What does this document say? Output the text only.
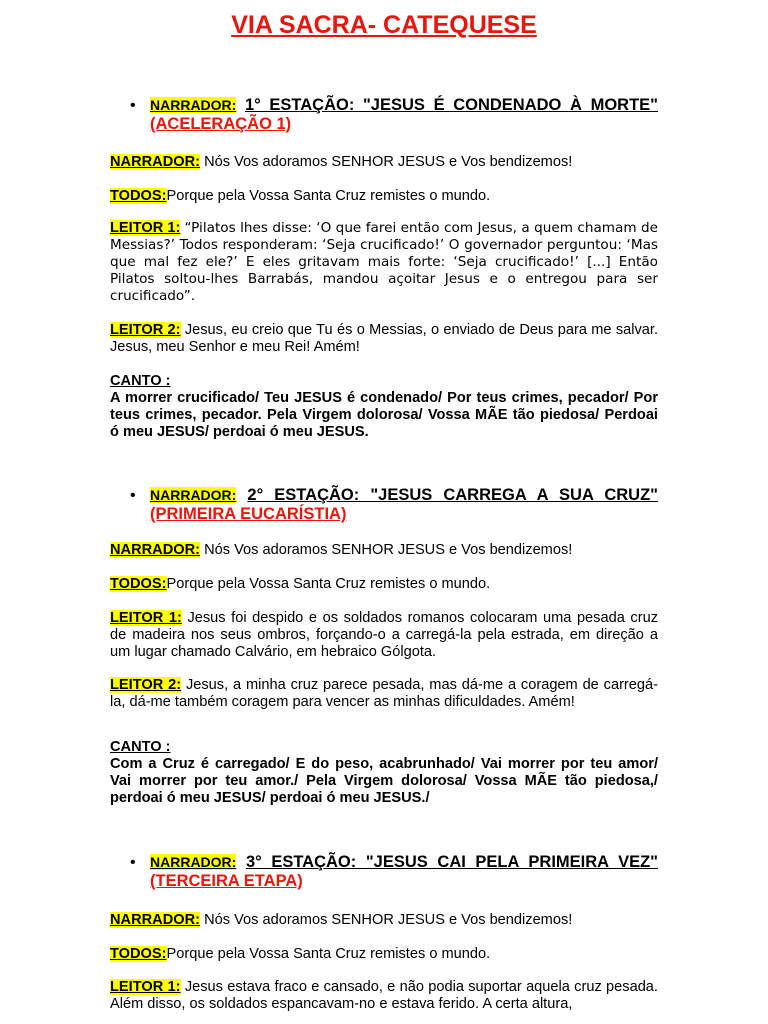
VIA SACRA- CATEQUESE
• NARRADOR: 1° ESTAÇÃO: "JESUS É CONDENADO À MORTE" (ACELERAÇÃO 1)
NARRADOR: Nós Vos adoramos SENHOR JESUS e Vos bendizemos!
TODOS:Porque pela Vossa Santa Cruz remistes o mundo.
LEITOR 1: “Pilatos lhes disse: ‘O que farei então com Jesus, a quem chamam de Messias?’ Todos responderam: ‘Seja crucificado!’ O governador perguntou: ‘Mas que mal fez ele?’ E eles gritavam mais forte: ‘Seja crucificado!’ [...] Então Pilatos soltou-lhes Barrabás, mandou açoitar Jesus e o entregou para ser crucificado”.
LEITOR 2: Jesus, eu creio que Tu és o Messias, o enviado de Deus para me salvar. Jesus, meu Senhor e meu Rei! Amém!
CANTO :
A morrer crucificado/ Teu JESUS é condenado/ Por teus crimes, pecador/ Por teus crimes, pecador. Pela Virgem dolorosa/ Vossa MÃE tão piedosa/ Perdoai ó meu JESUS/ perdoai ó meu JESUS.
• NARRADOR: 2° ESTAÇÃO: "JESUS CARREGA A SUA CRUZ" (PRIMEIRA EUCARÍSTIA)
NARRADOR: Nós Vos adoramos SENHOR JESUS e Vos bendizemos!
TODOS:Porque pela Vossa Santa Cruz remistes o mundo.
LEITOR 1: Jesus foi despido e os soldados romanos colocaram uma pesada cruz de madeira nos seus ombros, forçando-o a carregá-la pela estrada, em direção a um lugar chamado Calvário, em hebraico Gólgota.
LEITOR 2: Jesus, a minha cruz parece pesada, mas dá-me a coragem de carregá-la, dá-me também coragem para vencer as minhas dificuldades. Amém!
CANTO :
Com a Cruz é carregado/ E do peso, acabrunhado/ Vai morrer por teu amor/ Vai morrer por teu amor./ Pela Virgem dolorosa/ Vossa MÃE tão piedosa,/ perdoai ó meu JESUS/ perdoai ó meu JESUS./
• NARRADOR: 3° ESTAÇÃO: "JESUS CAI PELA PRIMEIRA VEZ" (TERCEIRA ETAPA)
NARRADOR: Nós Vos adoramos SENHOR JESUS e Vos bendizemos!
TODOS:Porque pela Vossa Santa Cruz remistes o mundo.
LEITOR 1: Jesus estava fraco e cansado, e não podia suportar aquela cruz pesada. Além disso, os soldados espancavam-no e estava ferido. A certa altura,
